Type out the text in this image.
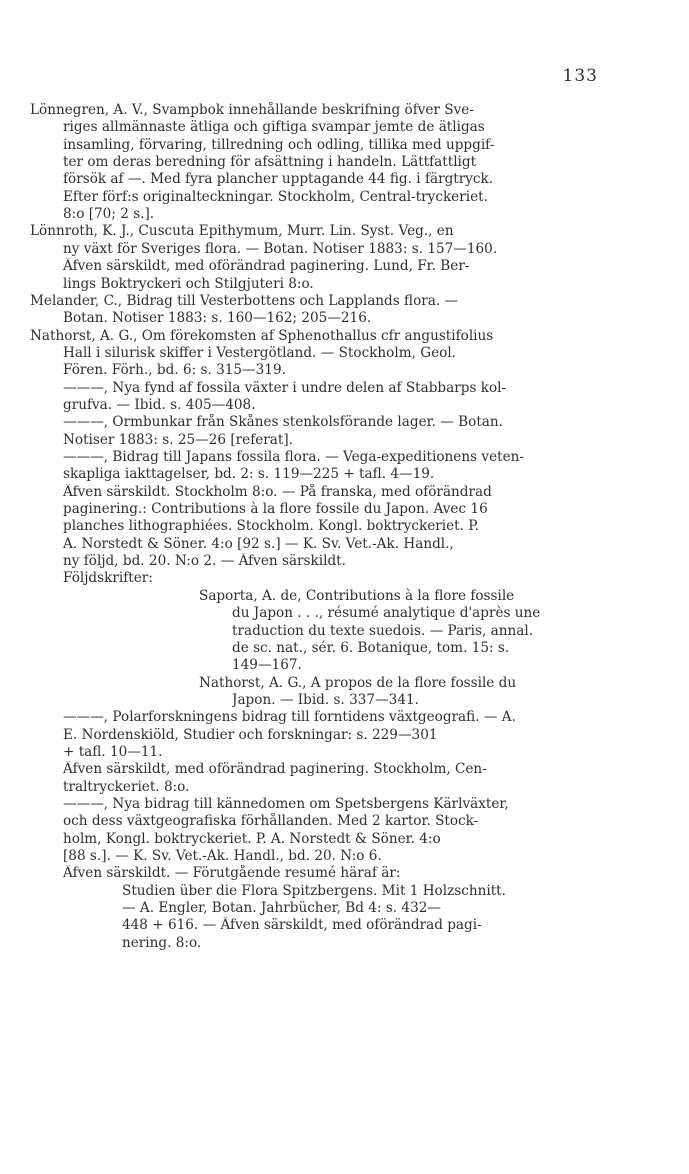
133
Lönnegren, A. V., Svampbok innehållande beskrifning öfver Sve-
riges allmännaste ätliga och giftiga svampar jemte de ätligas
insamling, förvaring, tillredning och odling, tillika med uppgif-
ter om deras beredning för afsättning i handeln. Lättfattligt
försök af —. Med fyra plancher upptagande 44 fig. i färgtryck.
Efter förf:s originalteckningar. Stockholm, Central-tryckeriet.
8:o [70; 2 s.].
Lönnroth, K. J., Cuscuta Epithymum, Murr. Lin. Syst. Veg., en
ny växt för Sveriges flora. — Botan. Notiser 1883: s. 157—160.
Äfven särskildt, med oförändrad paginering. Lund, Fr. Ber-
lings Boktryckeri och Stilgjuteri 8:o.
Melander, C., Bidrag till Vesterbottens och Lapplands flora. —
Botan. Notiser 1883: s. 160—162; 205—216.
Nathorst, A. G., Om förekomsten af Sphenothallus cfr angustifolius
Hall i silurisk skiffer i Vestergötland. — Stockholm, Geol.
Fören. Förh., bd. 6: s. 315—319.
———, Nya fynd af fossila växter i undre delen af Stabbarps kol-
grufva. — Ibid. s. 405—408.
———, Ormbunkar från Skånes stenkolsförande lager. — Botan.
Notiser 1883: s. 25—26 [referat].
———, Bidrag till Japans fossila flora. — Vega-expeditionens veten-
skapliga iakttagelser, bd. 2: s. 119—225 + tafl. 4—19.
Äfven särskildt. Stockholm 8:o. — På franska, med oförändrad
paginering.: Contributions à la flore fossile du Japon. Avec 16
planches lithographiées. Stockholm. Kongl. boktryckeriet. P.
A. Norstedt & Söner. 4:o [92 s.] — K. Sv. Vet.-Ak. Handl.,
ny följd, bd. 20. N:o 2. — Äfven särskildt.
Följdskrifter:
Saporta, A. de, Contributions à la flore fossile
du Japon . . ., résumé analytique d'après une
traduction du texte suedois. — Paris, annal.
de sc. nat., sér. 6. Botanique, tom. 15: s.
149—167.
Nathorst, A. G., A propos de la flore fossile du
Japon. — Ibid. s. 337—341.
———, Polarforskningens bidrag till forntidens växtgeografi. — A.
E. Nordenskiöld, Studier och forskningar: s. 229—301
+ tafl. 10—11.
Äfven särskildt, med oförändrad paginering. Stockholm, Cen-
traltryckeriet. 8:o.
———, Nya bidrag till kännedomen om Spetsbergens Kärlväxter,
och dess växtgeografiska förhållanden. Med 2 kartor. Stock-
holm, Kongl. boktryckeriet. P. A. Norstedt & Söner. 4:o
[88 s.]. — K. Sv. Vet.-Ak. Handl., bd. 20. N:o 6.
Äfven särskildt. — Förutgående resumé häraf är:
Studien über die Flora Spitzbergens. Mit 1 Holzschnitt.
— A. Engler, Botan. Jahrbücher, Bd 4: s. 432—
448 + 616. — Äfven särskildt, med oförändrad pagi-
nering. 8:o.
